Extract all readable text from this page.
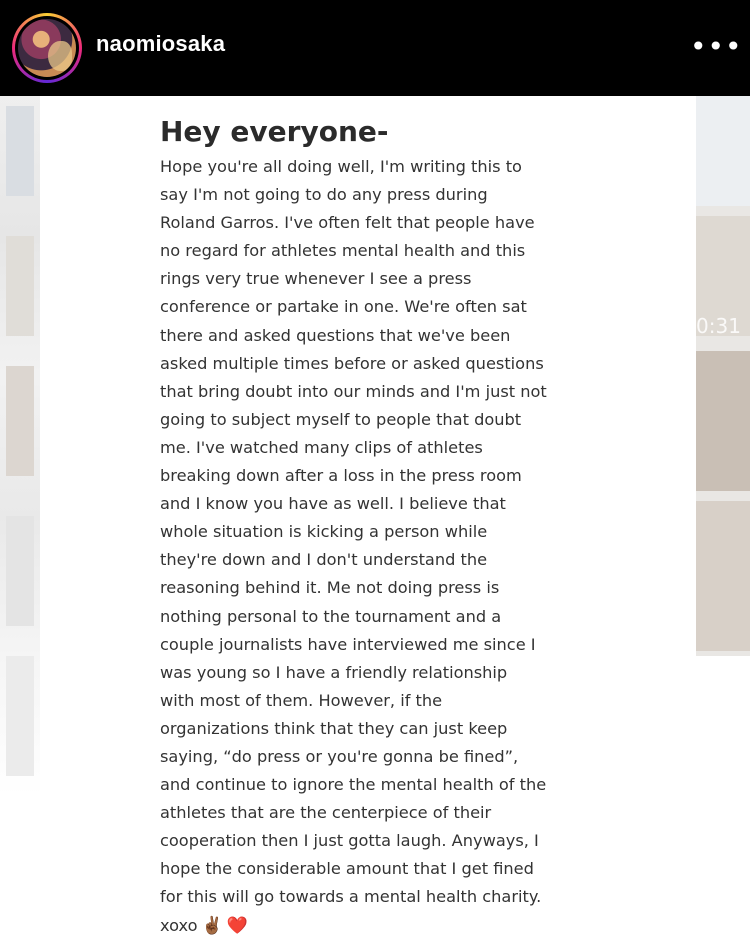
naomiosaka	•••
0:31
Hey everyone-
Hope you're all doing well, I'm writing this to
say I'm not going to do any press during
Roland Garros. I've often felt that people have
no regard for athletes mental health and this
rings very true whenever I see a press
conference or partake in one. We're often sat
there and asked questions that we've been
asked multiple times before or asked questions
that bring doubt into our minds and I'm just not
going to subject myself to people that doubt
me. I've watched many clips of athletes
breaking down after a loss in the press room
and I know you have as well. I believe that
whole situation is kicking a person while
they're down and I don't understand the
reasoning behind it. Me not doing press is
nothing personal to the tournament and a
couple journalists have interviewed me since I
was young so I have a friendly relationship
with most of them. However, if the
organizations think that they can just keep
saying, “do press or you're gonna be fined”,
and continue to ignore the mental health of the
athletes that are the centerpiece of their
cooperation then I just gotta laugh. Anyways, I
hope the considerable amount that I get fined
for this will go towards a mental health charity.
xoxo ✌🏾 ❤️
